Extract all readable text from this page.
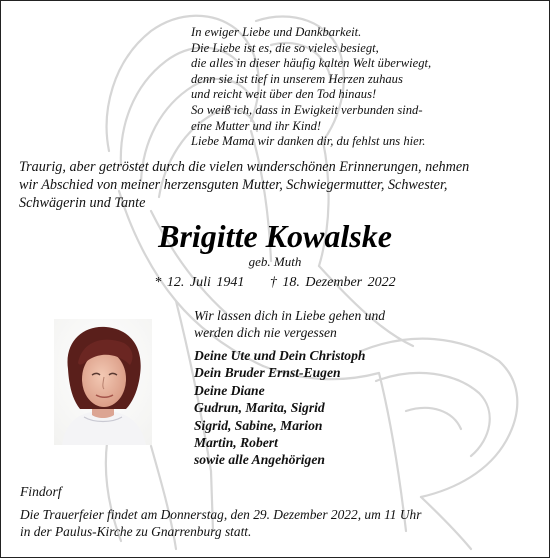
In ewiger Liebe und Dankbarkeit.
Die Liebe ist es, die so vieles besiegt,
die alles in dieser häufig kalten Welt überwiegt,
denn sie ist tief in unserem Herzen zuhaus
und reicht weit über den Tod hinaus!
So weiß ich, dass in Ewigkeit verbunden sind-
eine Mutter und ihr Kind!
Liebe Mama wir danken dir, du fehlst uns hier.
Traurig, aber getröstet durch die vielen wunderschönen Erinnerungen, nehmen
wir Abschied von meiner herzensguten Mutter, Schwiegermutter, Schwester,
Schwägerin und Tante
Brigitte Kowalske
geb. Muth
* 12. Juli 1941 † 18. Dezember 2022
Wir lassen dich in Liebe gehen und
werden dich nie vergessen
Deine Ute und Dein Christoph
Dein Bruder Ernst-Eugen
Deine Diane
Gudrun, Marita, Sigrid
Sigrid, Sabine, Marion
Martin, Robert
sowie alle Angehörigen
Findorf
Die Trauerfeier findet am Donnerstag, den 29. Dezember 2022, um 11 Uhr
in der Paulus-Kirche zu Gnarrenburg statt.
